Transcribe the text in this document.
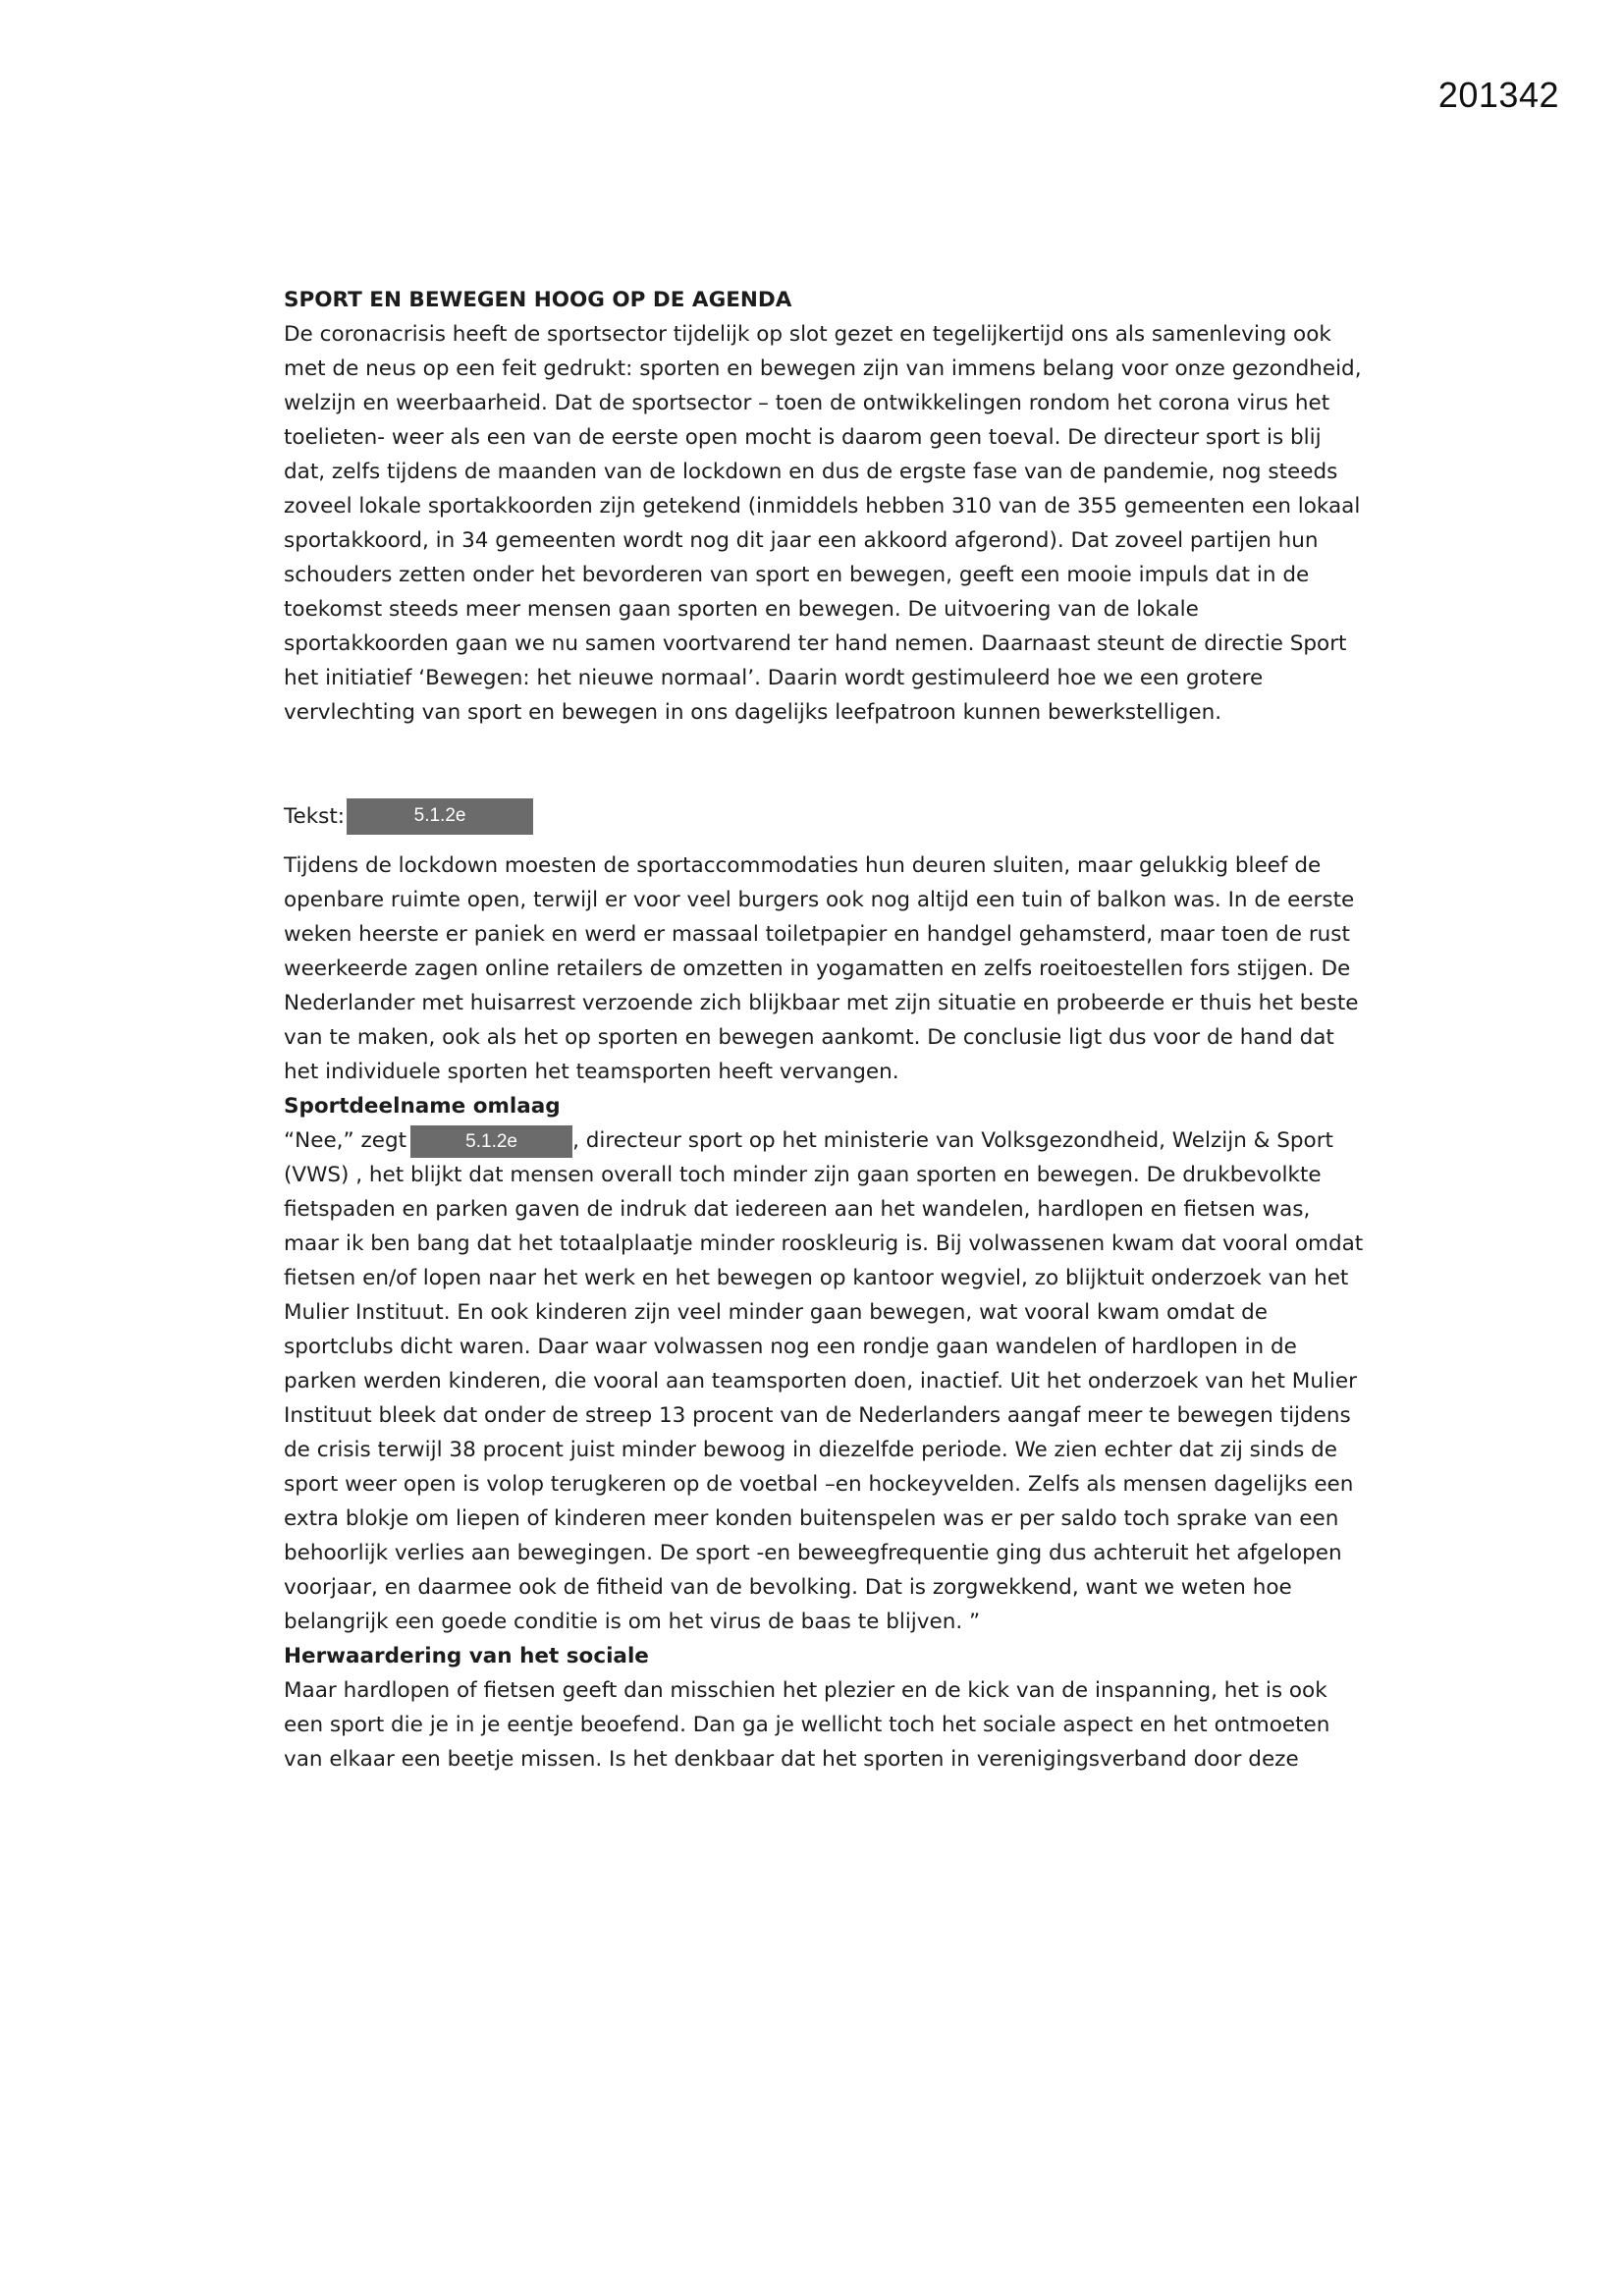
201342

SPORT EN BEWEGEN HOOG OP DE AGENDA

De coronacrisis heeft de sportsector tijdelijk op slot gezet en tegelijkertijd ons als samenleving ook met de neus op een feit gedrukt: sporten en bewegen zijn van immens belang voor onze gezondheid, welzijn en weerbaarheid. Dat de sportsector – toen de ontwikkelingen rondom het corona virus het toelieten- weer als een van de eerste open mocht is daarom geen toeval. De directeur sport is blij dat, zelfs tijdens de maanden van de lockdown en dus de ergste fase van de pandemie, nog steeds zoveel lokale sportakkoorden zijn getekend (inmiddels hebben 310 van de 355 gemeenten een lokaal sportakkoord, in 34 gemeenten wordt nog dit jaar een akkoord afgerond). Dat zoveel partijen hun schouders zetten onder het bevorderen van sport en bewegen, geeft een mooie impuls dat in de toekomst steeds meer mensen gaan sporten en bewegen. De uitvoering van de lokale sportakkoorden gaan we nu samen voortvarend ter hand nemen. Daarnaast steunt de directie Sport het initiatief ‘Bewegen: het nieuwe normaal’. Daarin wordt gestimuleerd hoe we een grotere vervlechting van sport en bewegen in ons dagelijks leefpatroon kunnen bewerkstelligen.

Tekst:	5.1.2e

Tijdens de lockdown moesten de sportaccommodaties hun deuren sluiten, maar gelukkig bleef de openbare ruimte open, terwijl er voor veel burgers ook nog altijd een tuin of balkon was. In de eerste weken heerste er paniek en werd er massaal toiletpapier en handgel gehamsterd, maar toen de rust weerkeerde zagen online retailers de omzetten in yogamatten en zelfs roeitoestellen fors stijgen. De Nederlander met huisarrest verzoende zich blijkbaar met zijn situatie en probeerde er thuis het beste van te maken, ook als het op sporten en bewegen aankomt. De conclusie ligt dus voor de hand dat het individuele sporten het teamsporten heeft vervangen.

Sportdeelname omlaag

“Nee,” zegt	5.1.2e	, directeur sport op het ministerie van Volksgezondheid, Welzijn & Sport (VWS) , het blijkt dat mensen overall toch minder zijn gaan sporten en bewegen. De drukbevolkte fietspaden en parken gaven de indruk dat iedereen aan het wandelen, hardlopen en fietsen was, maar ik ben bang dat het totaalplaatje minder rooskleurig is. Bij volwassenen kwam dat vooral omdat fietsen en/of lopen naar het werk en het bewegen op kantoor wegviel, zo blijktuit onderzoek van het Mulier Instituut. En ook kinderen zijn veel minder gaan bewegen, wat vooral kwam omdat de sportclubs dicht waren. Daar waar volwassen nog een rondje gaan wandelen of hardlopen in de parken werden kinderen, die vooral aan teamsporten doen, inactief. Uit het onderzoek van het Mulier Instituut bleek dat onder de streep 13 procent van de Nederlanders aangaf meer te bewegen tijdens de crisis terwijl 38 procent juist minder bewoog in diezelfde periode. We zien echter dat zij sinds de sport weer open is volop terugkeren op de voetbal –en hockeyvelden. Zelfs als mensen dagelijks een extra blokje om liepen of kinderen meer konden buitenspelen was er per saldo toch sprake van een behoorlijk verlies aan bewegingen. De sport -en beweegfrequentie ging dus achteruit het afgelopen voorjaar, en daarmee ook de fitheid van de bevolking. Dat is zorgwekkend, want we weten hoe belangrijk een goede conditie is om het virus de baas te blijven. ”

Herwaardering van het sociale

Maar hardlopen of fietsen geeft dan misschien het plezier en de kick van de inspanning, het is ook een sport die je in je eentje beoefend. Dan ga je wellicht toch het sociale aspect en het ontmoeten van elkaar een beetje missen. Is het denkbaar dat het sporten in verenigingsverband door deze
